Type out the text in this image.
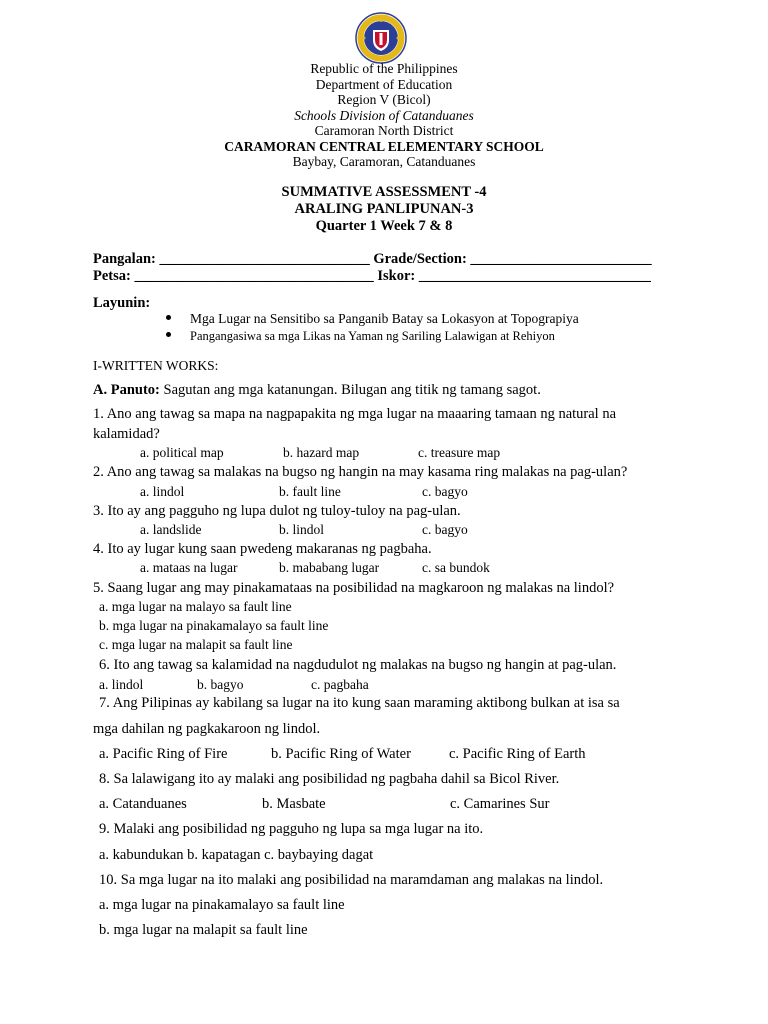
Republic of the Philippines
Department of Education
Region V (Bicol)
Schools Division of Catanduanes
Caramoran North District
CARAMORAN CENTRAL ELEMENTARY SCHOOL
Baybay, Caramoran, Catanduanes
SUMMATIVE ASSESSMENT -4
ARALING PANLIPUNAN-3
Quarter 1 Week 7 & 8
Pangalan: _____________________________ Grade/Section: _________________________
Petsa: _________________________________ Iskor: ________________________________
Layunin:
Mga Lugar na Sensitibo sa Panganib Batay sa Lokasyon at Topograpiya
Pangangasiwa sa mga Likas na Yaman ng Sariling Lalawigan at Rehiyon
I-WRITTEN WORKS:
A. Panuto: Sagutan ang mga katanungan. Bilugan ang titik ng tamang sagot.
1. Ano ang tawag sa mapa na nagpapakita ng mga lugar na maaaring tamaan ng natural na
kalamidad?
a. political map	b. hazard map	c. treasure map
2. Ano ang tawag sa malakas na bugso ng hangin na may kasama ring malakas na pag-ulan?
a. lindol	b. fault line	c. bagyo
3. Ito ay ang pagguho ng lupa dulot ng tuloy-tuloy na pag-ulan.
a. landslide	b. lindol	c. bagyo
4. Ito ay lugar kung saan pwedeng makaranas ng pagbaha.
a. mataas na lugar	b. mababang lugar	c. sa bundok
5. Saang lugar ang may pinakamataas na posibilidad na magkaroon ng malakas na lindol?
a. mga lugar na malayo sa fault line
b. mga lugar na pinakamalayo sa fault line
c. mga lugar na malapit sa fault line
6. Ito ang tawag sa kalamidad na nagdudulot ng malakas na bugso ng hangin at pag-ulan.
a. lindol	b. bagyo	c. pagbaha
7. Ang Pilipinas ay kabilang sa lugar na ito kung saan maraming aktibong bulkan at isa sa
mga dahilan ng pagkakaroon ng lindol.
a. Pacific Ring of Fire	b. Pacific Ring of Water	c. Pacific Ring of Earth
8. Sa lalawigang ito ay malaki ang posibilidad ng pagbaha dahil sa Bicol River.
a. Catanduanes	b. Masbate	c. Camarines Sur
9. Malaki ang posibilidad ng pagguho ng lupa sa mga lugar na ito.
a. kabundukan b. kapatagan c. baybaying dagat
10. Sa mga lugar na ito malaki ang posibilidad na maramdaman ang malakas na lindol.
a. mga lugar na pinakamalayo sa fault line
b. mga lugar na malapit sa fault line
